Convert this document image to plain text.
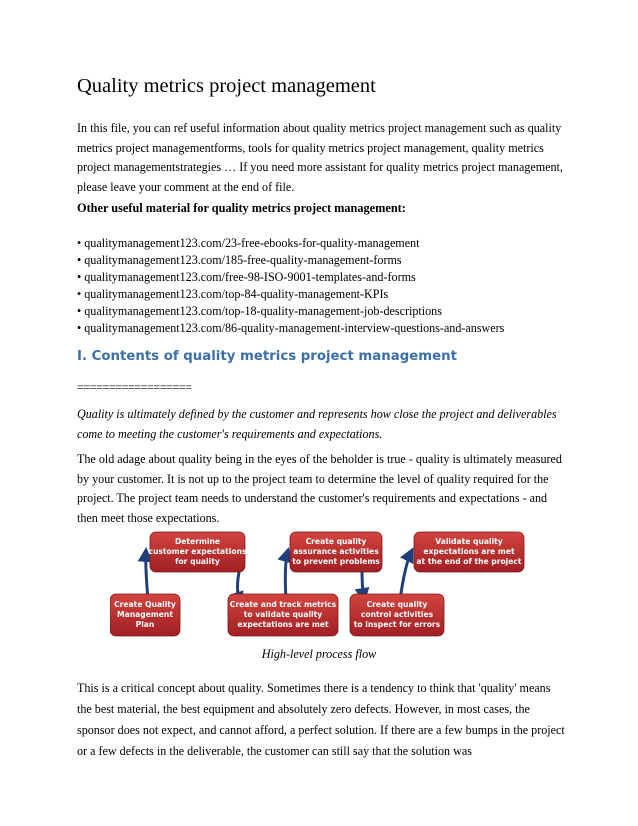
Quality metrics project management

In this file, you can ref useful information about quality metrics project management such as quality metrics project managementforms, tools for quality metrics project management, quality metrics project managementstrategies … If you need more assistant for quality metrics project management, please leave your comment at the end of file.

Other useful material for quality metrics project management:

• qualitymanagement123.com/23-free-ebooks-for-quality-management
• qualitymanagement123.com/185-free-quality-management-forms
• qualitymanagement123.com/free-98-ISO-9001-templates-and-forms
• qualitymanagement123.com/top-84-quality-management-KPIs
• qualitymanagement123.com/top-18-quality-management-job-descriptions
• qualitymanagement123.com/86-quality-management-interview-questions-and-answers
I. Contents of quality metrics project management

==================

Quality is ultimately defined by the customer and represents how close the project and deliverables come to meeting the customer's requirements and expectations.

The old adage about quality being in the eyes of the beholder is true - quality is ultimately measured by your customer. It is not up to the project team to determine the level of quality required for the project. The project team needs to understand the customer's requirements and expectations - and then meet those expectations.

Determine
customer expectations
for quality
Create quality
assurance activities
to prevent problems
Validate quality
expectations are met
at the end of the project
Create Quality
Management
Plan
Create and track metrics
to validate quality
expectations are met
Create quality
control activities
to inspect for errors

High-level process flow

This is a critical concept about quality. Sometimes there is a tendency to think that 'quality' means the best material, the best equipment and absolutely zero defects. However, in most cases, the sponsor does not expect, and cannot afford, a perfect solution. If there are a few bumps in the project or a few defects in the deliverable, the customer can still say that the solution was
